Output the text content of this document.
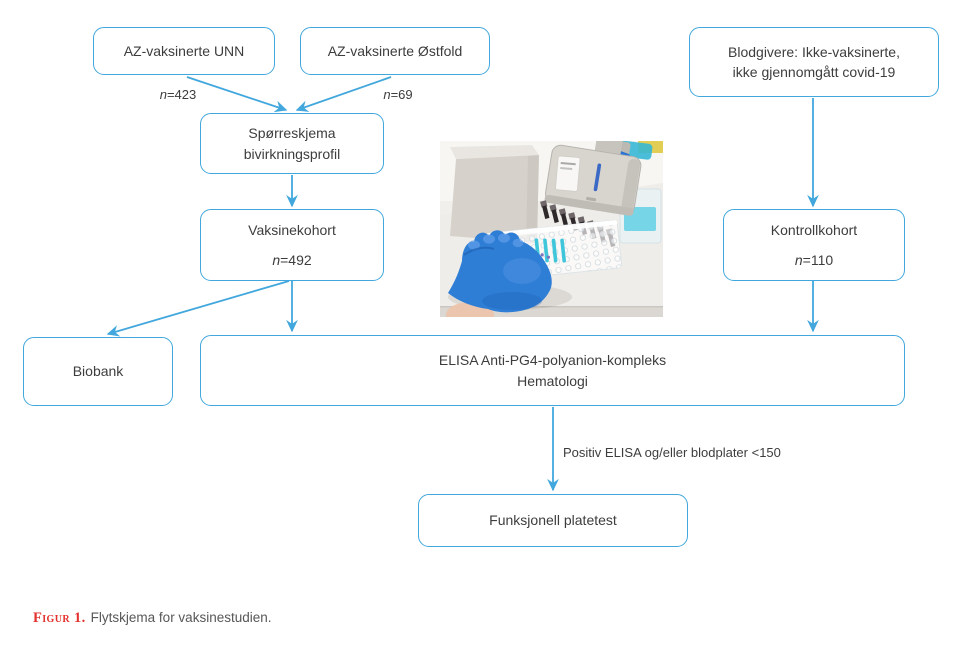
AZ-vaksinerte UNN	AZ-vaksinerte Østfold	Blodgivere: Ikke-vaksinerte,
ikke gjennomgått covid-19
Spørreskjema
bivirkningsprofil
Vaksinekohort
n=492
Kontrollkohort
n=110
Biobank
ELISA Anti-PG4-polyanion-kompleks
Hematologi
Funksjonell platetest
n=423	n=69
Positiv ELISA og/eller blodplater <150
Figur 1. Flytskjema for vaksinestudien.
